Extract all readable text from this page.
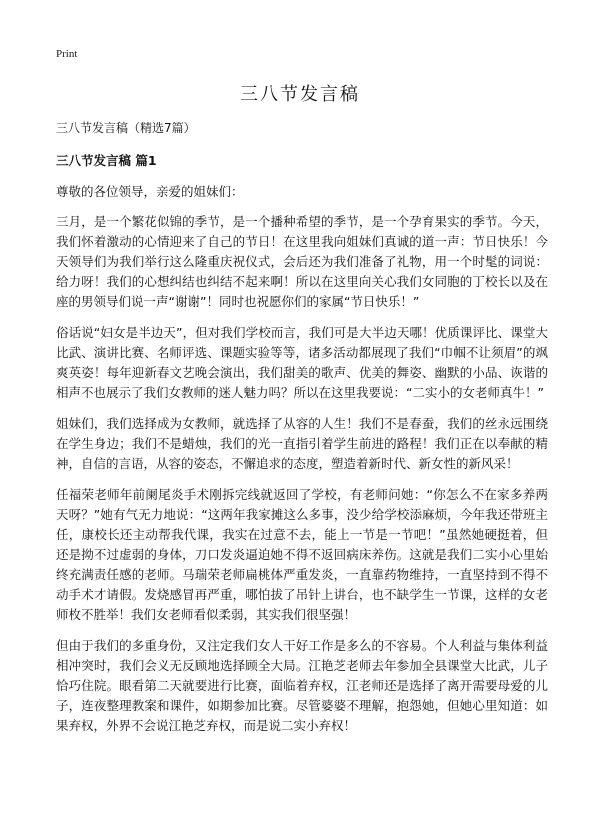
Print
三八节发言稿

三八节发言稿（精选7篇）

三八节发言稿 篇1

尊敬的各位领导，亲爱的姐妹们：

三月，是一个繁花似锦的季节，是一个播种希望的季节，是一个孕育果实的季节。今天，我们怀着激动的心情迎来了自己的节日！在这里我向姐妹们真诚的道一声：节日快乐！今天领导们为我们举行这么隆重庆祝仪式，会后还为我们准备了礼物，用一个时髦的词说：给力呀！我们的心想纠结也纠结不起来啊！所以在这里向关心我们女同胞的丁校长以及在座的男领导们说一声“谢谢”！同时也祝愿你们的家属“节日快乐！”

俗话说“妇女是半边天”，但对我们学校而言，我们可是大半边天哪！优质课评比、课堂大比武、演讲比赛、名师评选、课题实验等等，诸多活动都展现了我们“巾帼不让须眉”的飒爽英姿！每年迎新春文艺晚会演出，我们甜美的歌声、优美的舞姿、幽默的小品、诙谐的相声不也展示了我们女教师的迷人魅力吗？所以在这里我要说：“二实小的女老师真牛！”

姐妹们，我们选择成为女教师，就选择了从容的人生！我们不是春蚕，我们的丝永远围绕在学生身边；我们不是蜡烛，我们的光一直指引着学生前进的路程！我们正在以奉献的精神，自信的言语，从容的姿态，不懈追求的态度，塑造着新时代、新女性的新风采！

任福荣老师年前阑尾炎手术刚拆完线就返回了学校，有老师问她：“你怎么不在家多养两天呀？”她有气无力地说：“这两年我家摊这么多事，没少给学校添麻烦，今年我还带班主任，康校长还主动帮我代课，我实在过意不去，能上一节是一节吧！”虽然她硬挺着，但还是拗不过虚弱的身体，刀口发炎逼迫她不得不返回病床养伤。这就是我们二实小心里始终充满责任感的老师。马瑞荣老师扁桃体严重发炎，一直靠药物维持，一直坚持到不得不动手术才请假。发烧感冒再严重，哪怕拔了吊针上讲台，也不缺学生一节课，这样的女老师枚不胜举！我们女老师看似柔弱，其实我们很坚强！

但由于我们的多重身份，又注定我们女人干好工作是多么的不容易。个人利益与集体利益相冲突时，我们会义无反顾地选择顾全大局。江艳芝老师去年参加全县课堂大比武，儿子恰巧住院。眼看第二天就要进行比赛，面临着弃权，江老师还是选择了离开需要母爱的儿子，连夜整理教案和课件，如期参加比赛。尽管婆婆不理解，抱怨她，但她心里知道：如果弃权，外界不会说江艳芝弃权，而是说二实小弃权！
